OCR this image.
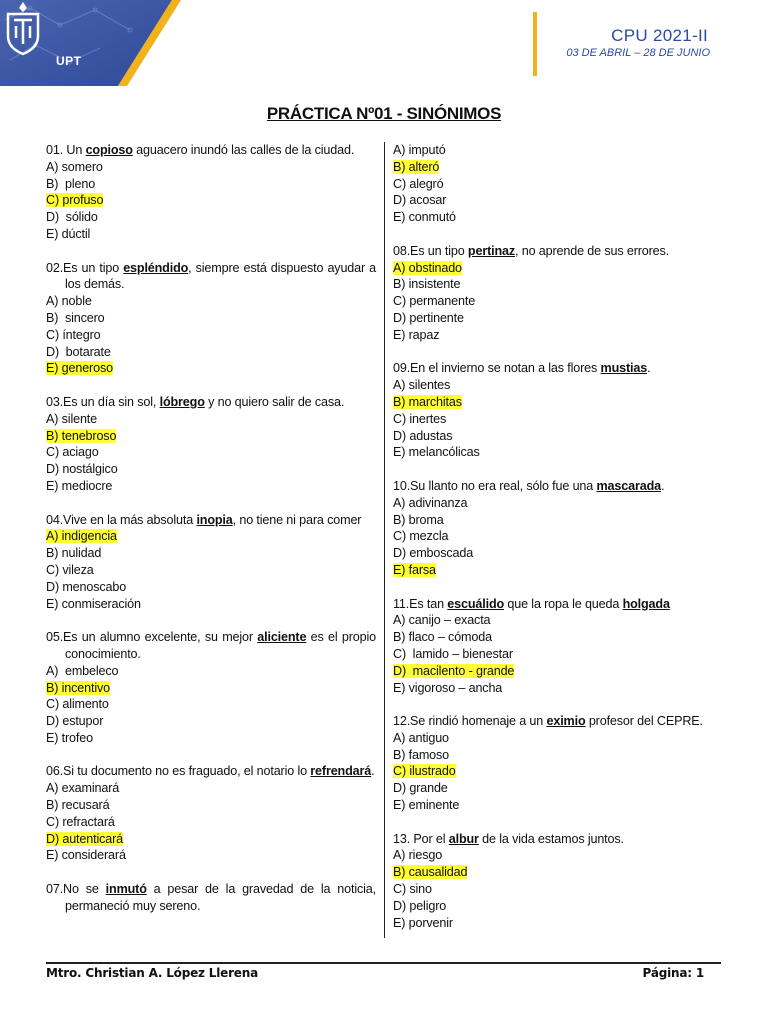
UPT
CPU 2021-II
03 DE ABRIL – 28 DE JUNIO
PRÁCTICA Nº01 - SINÓNIMOS
01. Un copioso aguacero inundó las calles de la ciudad.
A) somero
B)  pleno
C) profuso
D)  sólido
E) dúctil
02.Es un tipo espléndido, siempre está dispuesto ayudar a los demás.
A) noble
B)  sincero
C) íntegro
D)  botarate
E) generoso
03.Es un día sin sol, lóbrego y no quiero salir de casa.
A) silente
B) tenebroso
C) aciago
D) nostálgico
E) mediocre
04.Vive en la más absoluta inopia, no tiene ni para comer
A) indigencia
B) nulidad
C) vileza
D) menoscabo
E) conmiseración
05.Es un alumno excelente, su mejor aliciente es el propio conocimiento.
A)  embeleco
B) incentivo
C) alimento
D) estupor
E) trofeo
06.Si tu documento no es fraguado, el notario lo refrendará.
A) examinará
B) recusará
C) refractará
D) autenticará
E) considerará
07.No se inmutó a pesar de la gravedad de la noticia, permaneció muy sereno.
A) imputó
B) alteró
C) alegró
D) acosar
E) conmutó
08.Es un tipo pertinaz, no aprende de sus errores.
A) obstinado
B) insistente
C) permanente
D) pertinente
E) rapaz
09.En el invierno se notan a las flores mustias.
A) silentes
B) marchitas
C) inertes
D) adustas
E) melancólicas
10.Su llanto no era real, sólo fue una mascarada.
A) adivinanza
B) broma
C) mezcla
D) emboscada
E) farsa
11.Es tan escuálido que la ropa le queda holgada
A) canijo – exacta
B) flaco – cómoda
C)  lamido – bienestar
D)  macilento - grande
E) vigoroso – ancha
12.Se rindió homenaje a un eximio profesor del CEPRE.
A) antiguo
B) famoso
C) ilustrado
D) grande
E) eminente
13. Por el albur de la vida estamos juntos.
A) riesgo
B) causalidad
C) sino
D) peligro
E) porvenir
Mtro. Christian A. López Llerena	Página: 1
